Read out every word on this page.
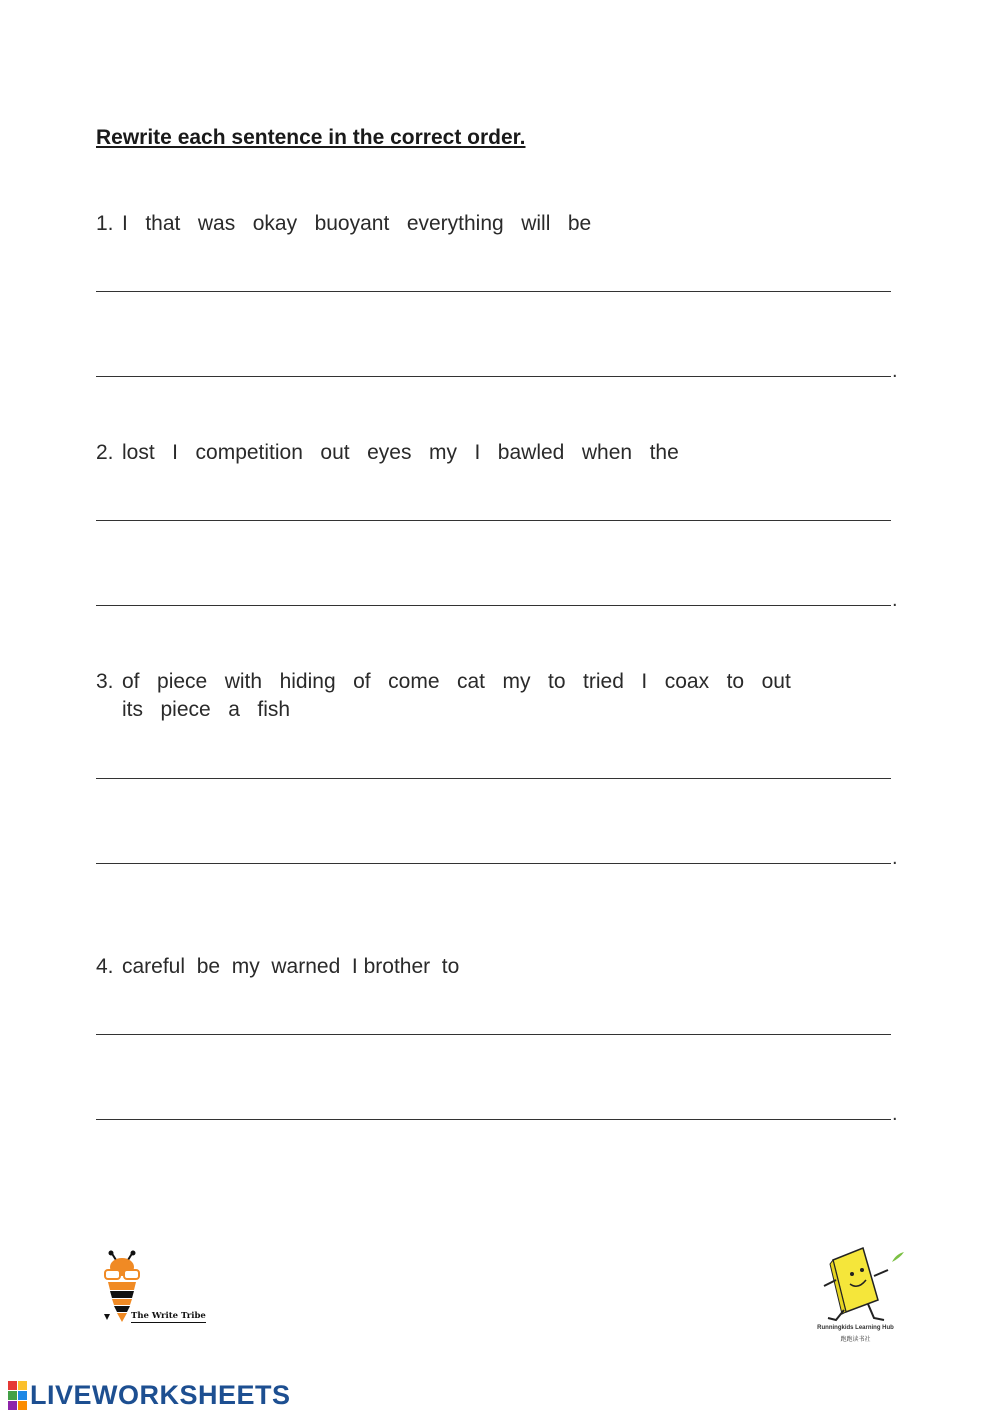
Rewrite each sentence in the correct order.
1. I   that   was   okay   buoyant   everything   will   be
.
2. lost   I   competition   out   eyes   my   I   bawled   when   the
.
3. of   piece   with   hiding   of   come   cat   my   to   tried   I   coax   to   out
its   piece   a   fish
.
4. careful  be  my  warned  I brother  to
.
The Write Tribe
Runningkids Learning Hub
跑跑读书社
LIVEWORKSHEETS
